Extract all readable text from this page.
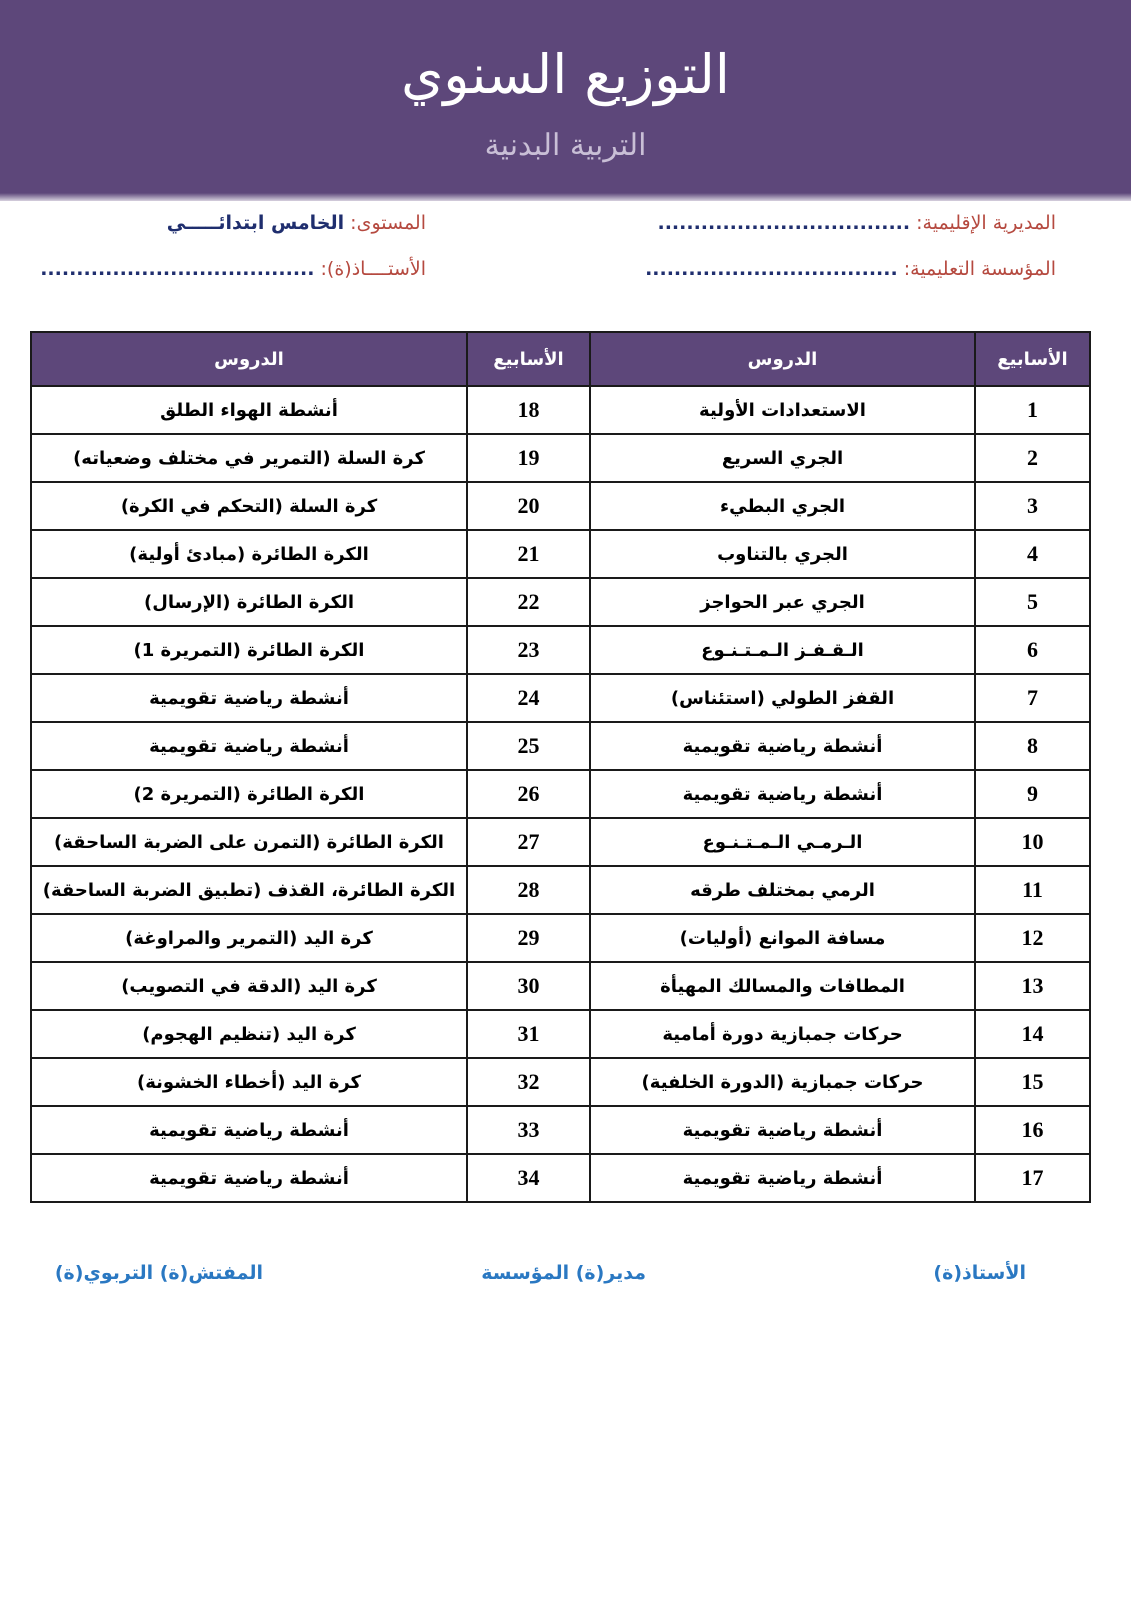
التوزيع السنوي
التربية البدنية
المديرية الإقليمية: ...................................
المستوى: الخامس ابتدائـــــي
المؤسسة التعليمية: ...................................
الأستــــاذ(ة): ......................................
الأسابيع	الدروس	الأسابيع	الدروس
1	الاستعدادات الأولية	18	أنشطة الهواء الطلق
2	الجري السريع	19	كرة السلة (التمرير في مختلف وضعياته)
3	الجري البطيء	20	كرة السلة (التحكم في الكرة)
4	الجري بالتناوب	21	الكرة الطائرة (مبادئ أولية)
5	الجري عبر الحواجز	22	الكرة الطائرة (الإرسال)
6	الـقـفـز الـمـتـنـوع	23	الكرة الطائرة (التمريرة 1)
7	القفز الطولي (استئناس)	24	أنشطة رياضية تقويمية
8	أنشطة رياضية تقويمية	25	أنشطة رياضية تقويمية
9	أنشطة رياضية تقويمية	26	الكرة الطائرة (التمريرة 2)
10	الـرمـي الـمـتـنـوع	27	الكرة الطائرة (التمرن على الضربة الساحقة)
11	الرمي بمختلف طرقه	28	الكرة الطائرة، القذف (تطبيق الضربة الساحقة)
12	مسافة الموانع (أوليات)	29	كرة اليد (التمرير والمراوغة)
13	المطافات والمسالك المهيأة	30	كرة اليد (الدقة في التصويب)
14	حركات جمبازية دورة أمامية	31	كرة اليد (تنظيم الهجوم)
15	حركات جمبازية (الدورة الخلفية)	32	كرة اليد (أخطاء الخشونة)
16	أنشطة رياضية تقويمية	33	أنشطة رياضية تقويمية
17	أنشطة رياضية تقويمية	34	أنشطة رياضية تقويمية
الأستاذ(ة)
مدير(ة) المؤسسة
المفتش(ة) التربوي(ة)
